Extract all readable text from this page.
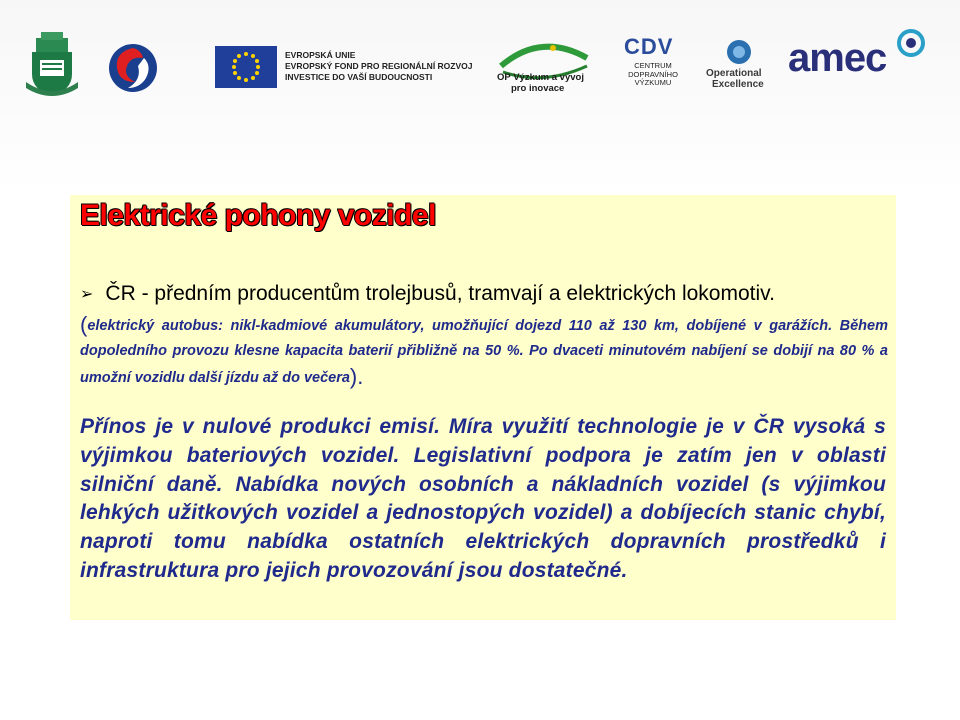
EVROPSKÁ UNIE
EVROPSKÝ FOND PRO REGIONÁLNÍ ROZVOJ
INVESTICE DO VAŠÍ BUDOUCNOSTI	OP Výzkum a vývoj
pro inovace
CDV
CENTRUM
DOPRAVNÍHO
VÝZKUMU
Operational
Excellence
amec
Elektrické pohony vozidel
➢ ČR - předním producentům trolejbusů, tramvají a elektrických lokomotiv.
(elektrický autobus: nikl-kadmiové akumulátory, umožňující dojezd 110 až 130 km, dobíjené v garážích. Během dopoledního provozu klesne kapacita baterií přibližně na 50 %. Po dvaceti minutovém nabíjení se dobijí na 80 % a umožní vozidlu další jízdu až do večera).
Přínos je v nulové produkci emisí. Míra využití technologie je v ČR vysoká s výjimkou bateriových vozidel. Legislativní podpora je zatím jen v oblasti silniční daně. Nabídka nových osobních a nákladních vozidel (s výjimkou lehkých užitkových vozidel a jednostopých vozidel) a dobíjecích stanic chybí, naproti tomu nabídka ostatních elektrických dopravních prostředků i infrastruktura pro jejich provozování jsou dostatečné.
